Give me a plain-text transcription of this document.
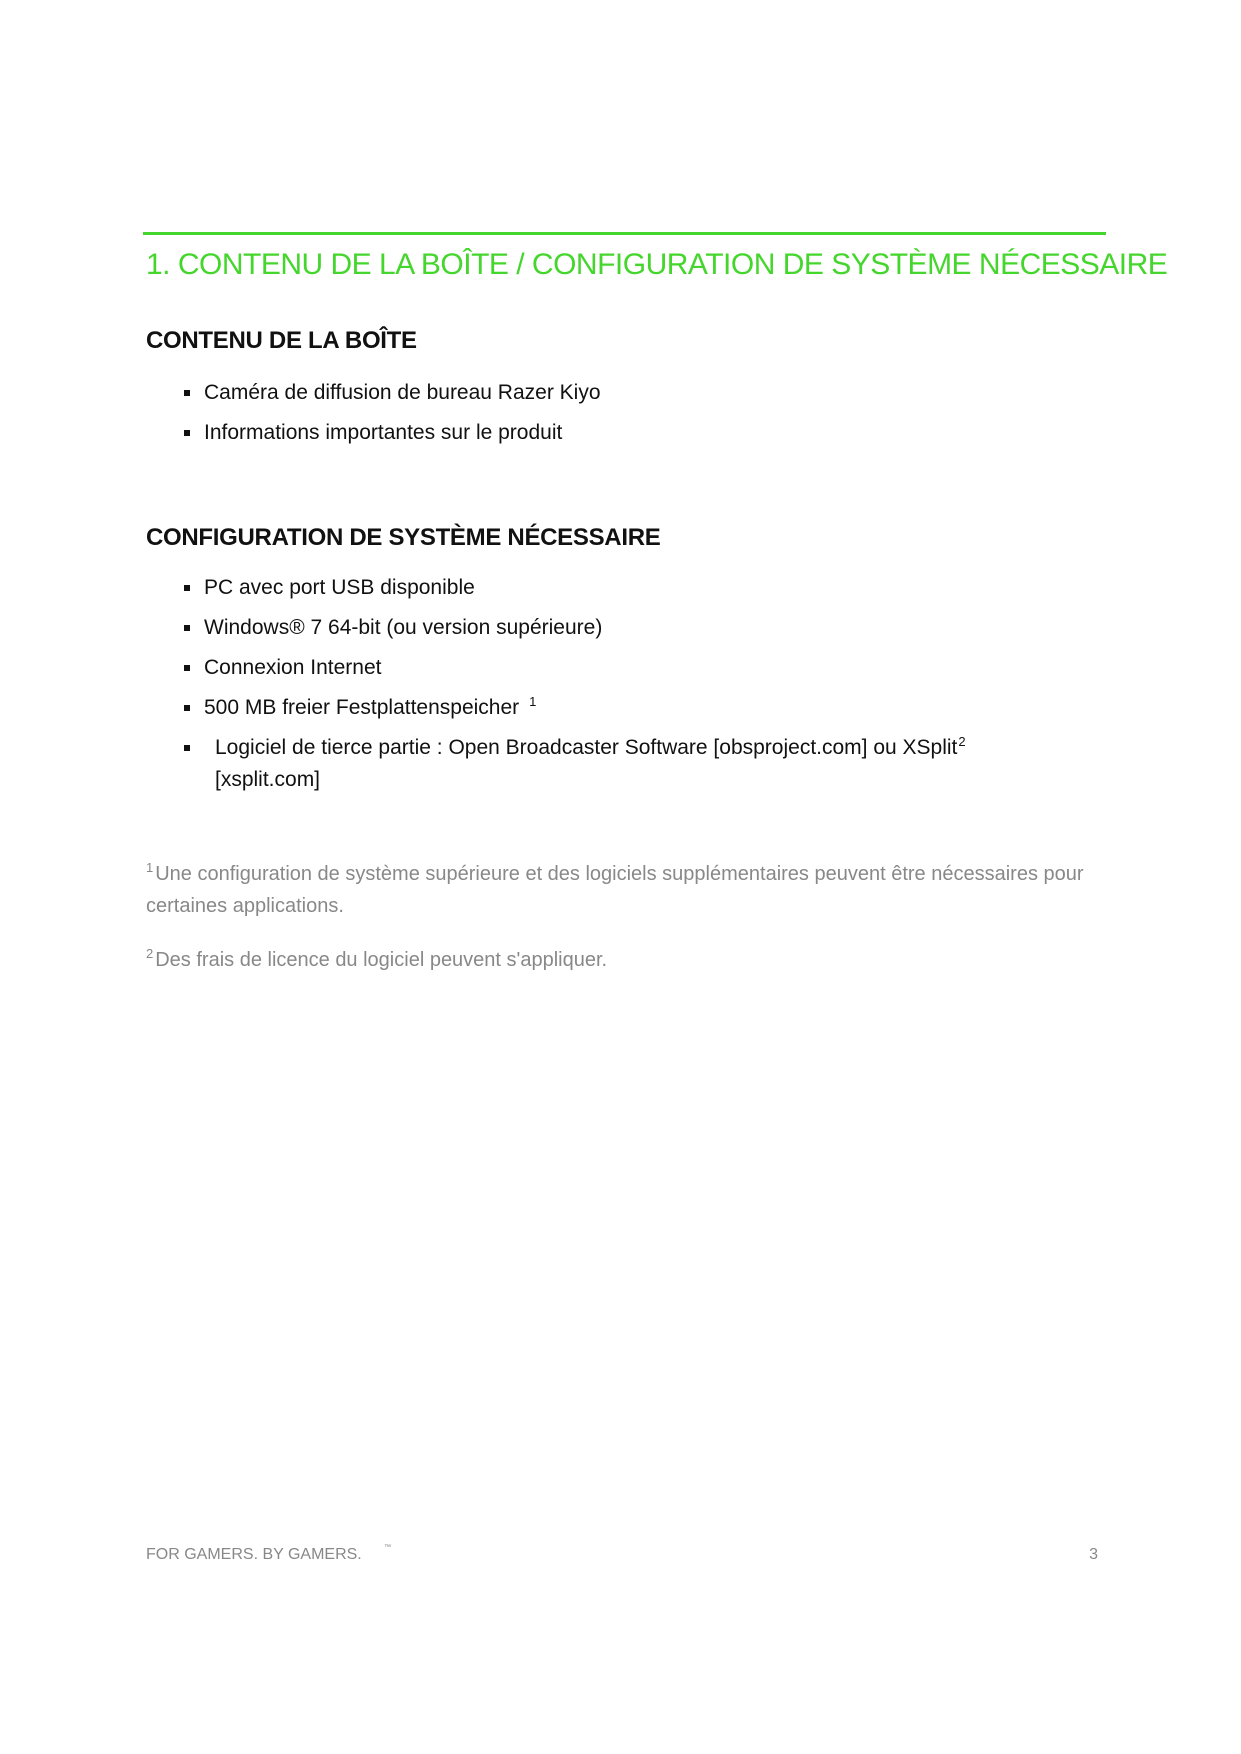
1. CONTENU DE LA BOÎTE / CONFIGURATION DE SYSTÈME NÉCESSAIRE
CONTENU DE LA BOÎTE
Caméra de diffusion de bureau Razer Kiyo
Informations importantes sur le produit
CONFIGURATION DE SYSTÈME NÉCESSAIRE
PC avec port USB disponible
Windows® 7 64-bit (ou version supérieure)
Connexion Internet
500 MB freier Festplattenspeicher $^1$
Logiciel de tierce partie : Open Broadcaster Software [obsproject.com] ou XSplit$^2$
[xsplit.com]

$^1$ Une configuration de système supérieure et des logiciels supplémentaires peuvent être nécessaires pour certaines applications.

$^2$ Des frais de licence du logiciel peuvent s'appliquer.

FOR GAMERS. BY GAMERS.	™	3
